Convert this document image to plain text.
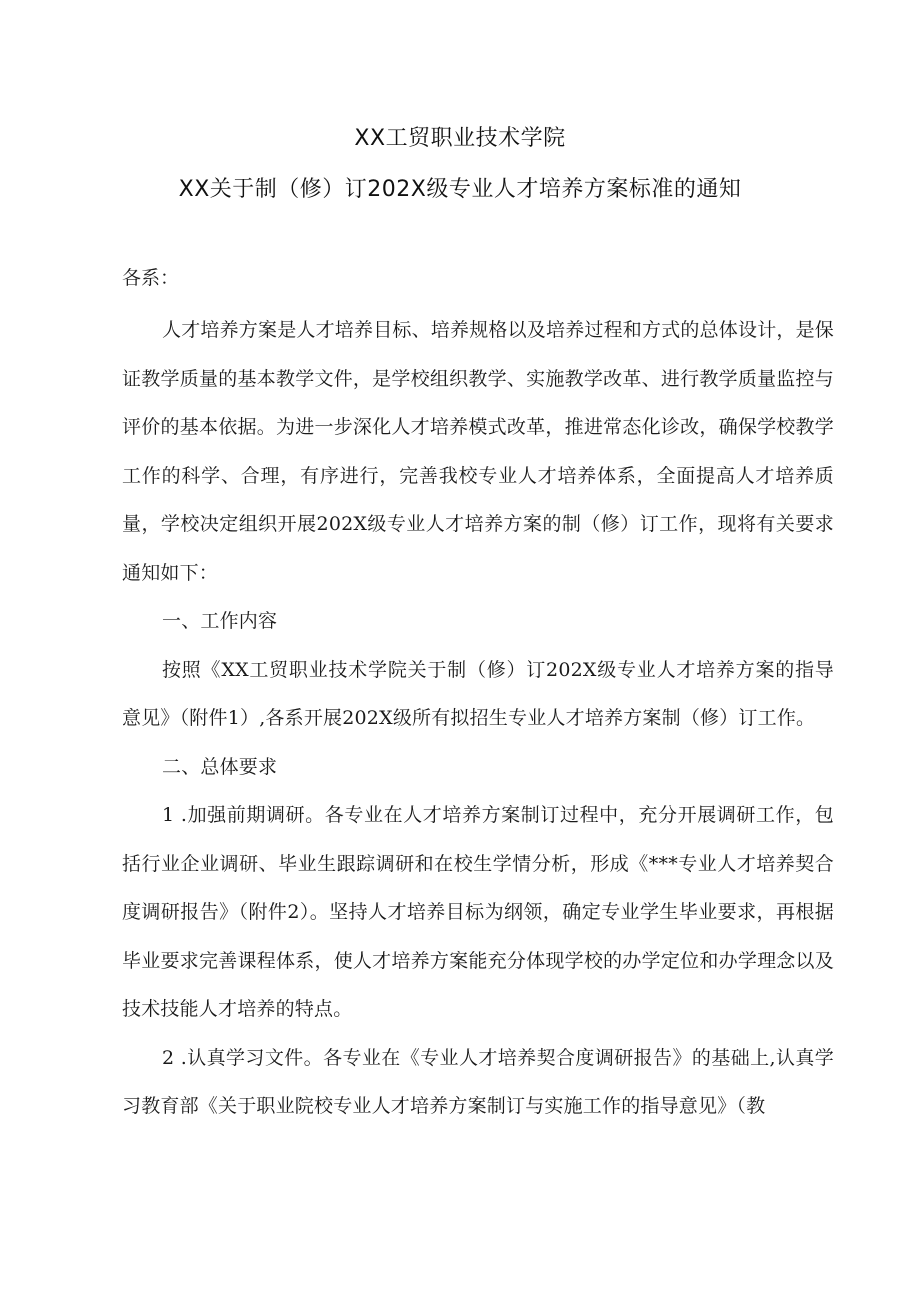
XX工贸职业技术学院
XX关于制（修）订202X级专业人才培养方案标准的通知
各系：

人才培养方案是人才培养目标、培养规格以及培养过程和方式的总体设计，是保证教学质量的基本教学文件，是学校组织教学、实施教学改革、进行教学质量监控与评价的基本依据。为进一步深化人才培养模式改革，推进常态化诊改，确保学校教学工作的科学、合理，有序进行，完善我校专业人才培养体系，全面提高人才培养质量，学校决定组织开展202X级专业人才培养方案的制（修）订工作，现将有关要求通知如下：

一、工作内容

按照《XX工贸职业技术学院关于制（修）订202X级专业人才培养方案的指导意见》（附件1）,各系开展202X级所有拟招生专业人才培养方案制（修）订工作。

二、总体要求

1 .加强前期调研。各专业在人才培养方案制订过程中，充分开展调研工作，包括行业企业调研、毕业生跟踪调研和在校生学情分析，形成《***专业人才培养契合度调研报告》（附件2）。坚持人才培养目标为纲领，确定专业学生毕业要求，再根据毕业要求完善课程体系，使人才培养方案能充分体现学校的办学定位和办学理念以及技术技能人才培养的特点。

2 .认真学习文件。各专业在《专业人才培养契合度调研报告》的基础上,认真学习教育部《关于职业院校专业人才培养方案制订与实施工作的指导意见》（教
